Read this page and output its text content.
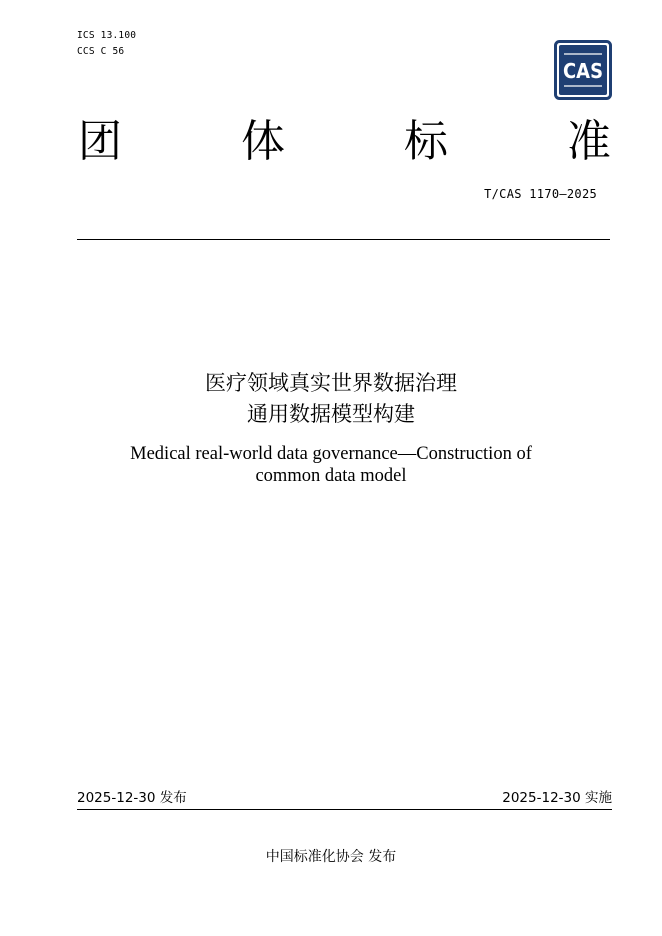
ICS 13.100
CCS C 56
CAS
团	体	标	准
T/CAS 1170—2025
医疗领域真实世界数据治理
通用数据模型构建
Medical real-world data governance—Construction of
common data model
2025-12-30 发布	2025-12-30 实施
中国标准化协会 发布
